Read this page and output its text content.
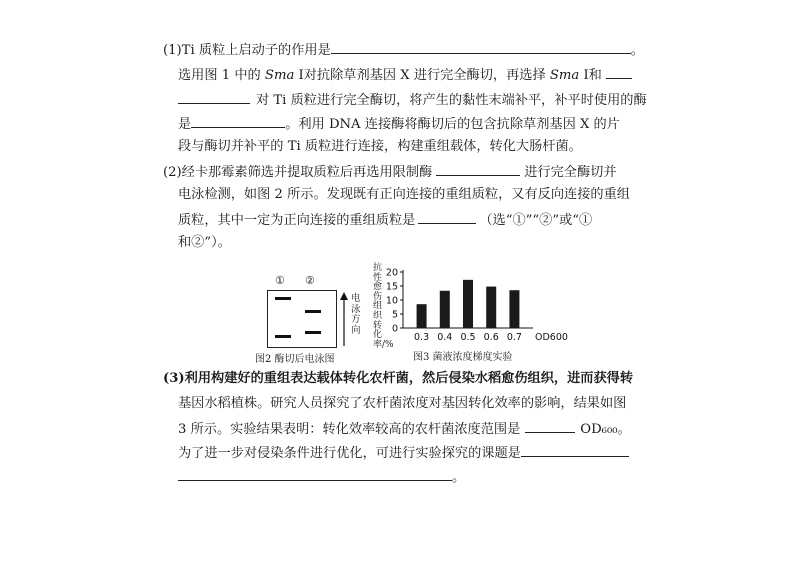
(1)Ti 质粒上启动子的作用是	。
选用图 1 中的 Sma Ⅰ对抗除草剂基因 X 进行完全酶切，再选择 Sma Ⅰ和
对 Ti 质粒进行完全酶切，将产生的黏性末端补平，补平时使用的酶
是	。利用 DNA 连接酶将酶切后的包含抗除草剂基因 X 的片
段与酶切并补平的 Ti 质粒进行连接，构建重组载体，转化大肠杆菌。
(2)经卡那霉素筛选并提取质粒后再选用限制酶	进行完全酶切并
电泳检测，如图 2 所示。发现既有正向连接的重组质粒，又有反向连接的重组
质粒，其中一定为正向连接的重组质粒是	（选“①”“②”或“①
和②”）。
① ②
电泳方向
图2 酶切后电泳图
抗性愈伤组织转化率/%
0
5
10
15
20
0.3 0.4 0.5 0.6 0.7 OD600
图3 菌液浓度梯度实验
(3)利用构建好的重组表达载体转化农杆菌，然后侵染水稻愈伤组织，进而获得转
基因水稻植株。研究人员探究了农杆菌浓度对基因转化效率的影响，结果如图
3 所示。实验结果表明：转化效率较高的农杆菌浓度范围是	OD₆₀₀。
为了进一步对侵染条件进行优化，可进行实验探究的课题是
。
